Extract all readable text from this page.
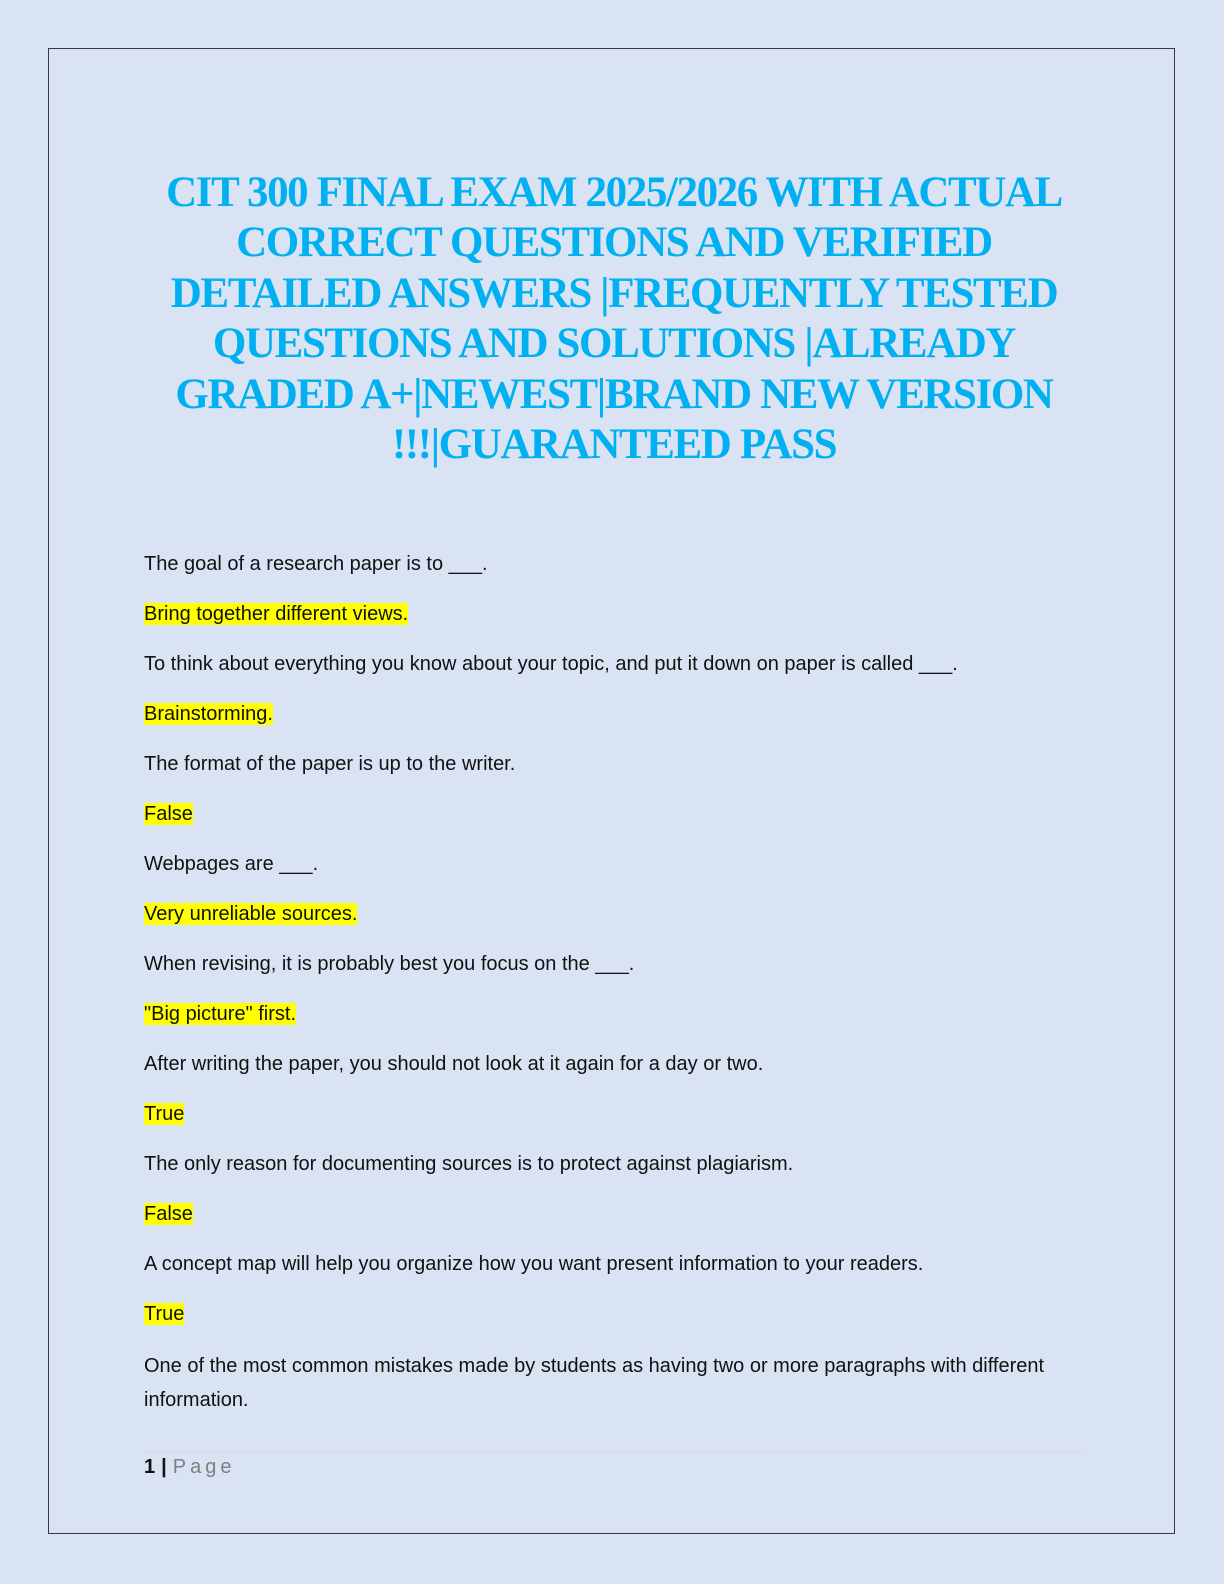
CIT 300 FINAL EXAM 2025/2026 WITH ACTUAL CORRECT QUESTIONS AND VERIFIED DETAILED ANSWERS |FREQUENTLY TESTED QUESTIONS AND SOLUTIONS |ALREADY GRADED A+|NEWEST|BRAND NEW VERSION !!!|GUARANTEED PASS
The goal of a research paper is to ___.
Bring together different views.
To think about everything you know about your topic, and put it down on paper is called ___.
Brainstorming.
The format of the paper is up to the writer.
False
Webpages are ___.
Very unreliable sources.
When revising, it is probably best you focus on the ___.
"Big picture" first.
After writing the paper, you should not look at it again for a day or two.
True
The only reason for documenting sources is to protect against plagiarism.
False
A concept map will help you organize how you want present information to your readers.
True
One of the most common mistakes made by students as having two or more paragraphs with different information.
1 | Page
